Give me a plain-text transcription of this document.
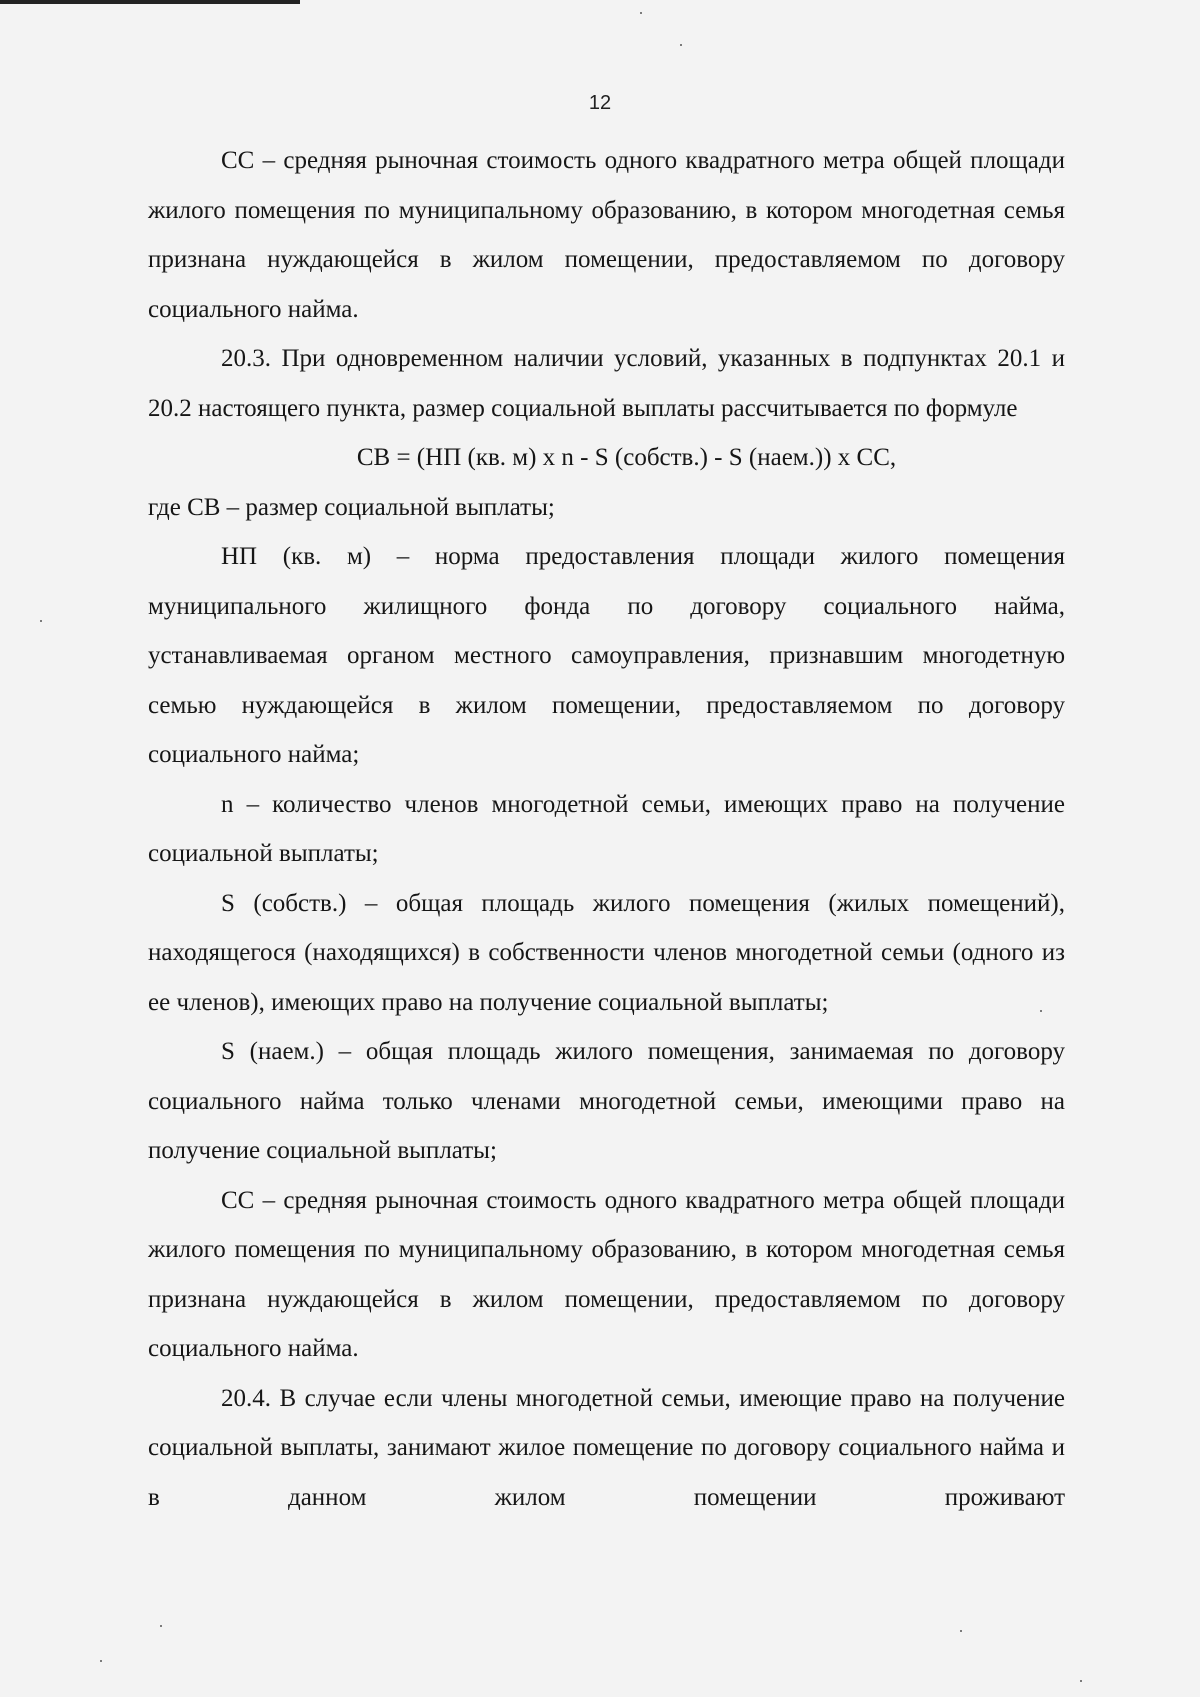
12

СС – средняя рыночная стоимость одного квадратного метра общей площади жилого помещения по муниципальному образованию, в котором многодетная семья признана нуждающейся в жилом помещении, предоставляемом по договору социального найма.

20.3. При одновременном наличии условий, указанных в подпунктах 20.1 и 20.2 настоящего пункта, размер социальной выплаты рассчитывается по формуле

СВ = (НП (кв. м) х n - S (собств.) - S (наем.)) х СС,

где СВ – размер социальной выплаты;

НП (кв. м) – норма предоставления площади жилого помещения муниципального жилищного фонда по договору социального найма, устанавливаемая органом местного самоуправления, признавшим многодетную семью нуждающейся в жилом помещении, предоставляемом по договору социального найма;

n – количество членов многодетной семьи, имеющих право на получение социальной выплаты;

S (собств.) – общая площадь жилого помещения (жилых помещений), находящегося (находящихся) в собственности членов многодетной семьи (одного из ее членов), имеющих право на получение социальной выплаты;

S (наем.) – общая площадь жилого помещения, занимаемая по договору социального найма только членами многодетной семьи, имеющими право на получение социальной выплаты;

СС – средняя рыночная стоимость одного квадратного метра общей площади жилого помещения по муниципальному образованию, в котором многодетная семья признана нуждающейся в жилом помещении, предоставляемом по договору социального найма.

20.4. В случае если члены многодетной семьи, имеющие право на получение социальной выплаты, занимают жилое помещение по договору социального найма и в данном жилом помещении проживают
